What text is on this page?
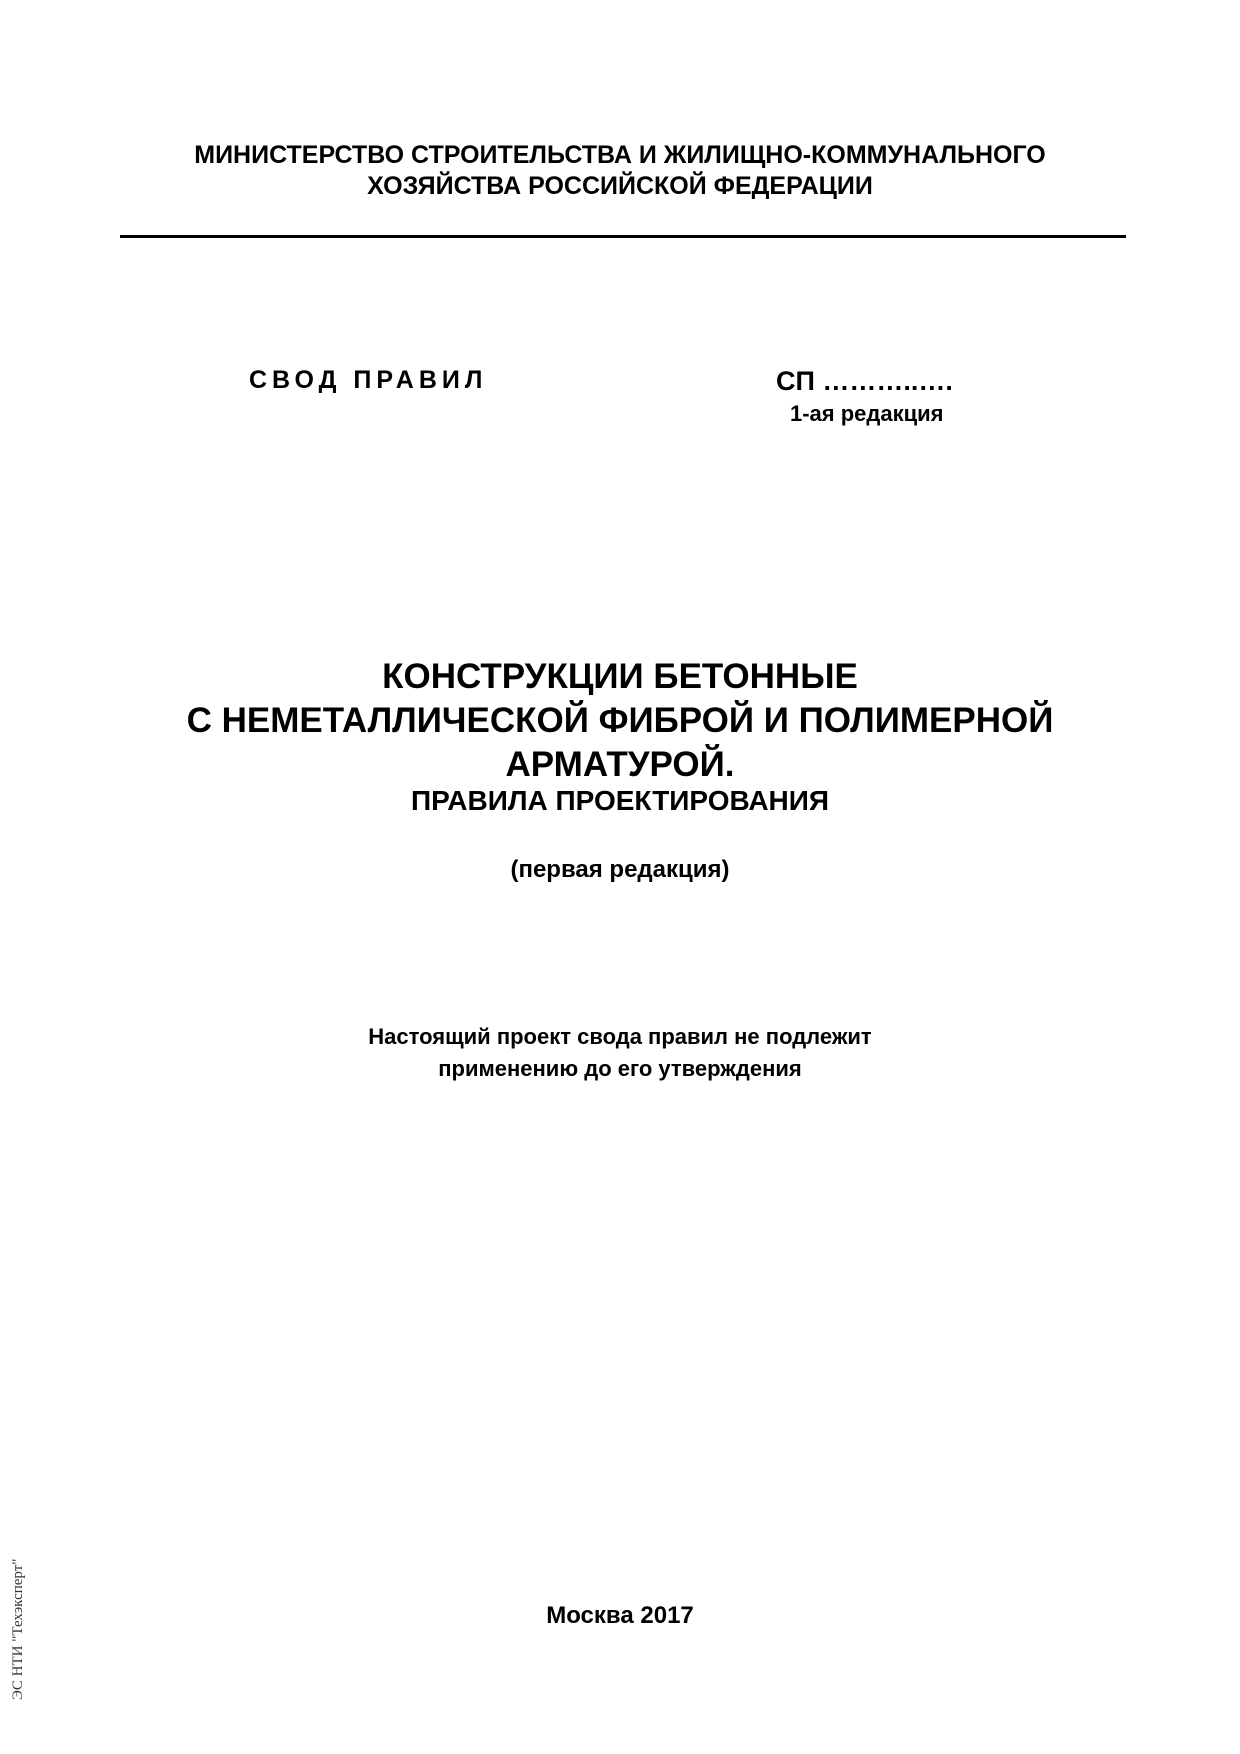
МИНИСТЕРСТВО СТРОИТЕЛЬСТВА И ЖИЛИЩНО-КОММУНАЛЬНОГО
ХОЗЯЙСТВА РОССИЙСКОЙ ФЕДЕРАЦИИ
СВОД ПРАВИЛ	СП ………..….
1-ая редакция
КОНСТРУКЦИИ БЕТОННЫЕ
С НЕМЕТАЛЛИЧЕСКОЙ ФИБРОЙ И ПОЛИМЕРНОЙ
АРМАТУРОЙ.
ПРАВИЛА ПРОЕКТИРОВАНИЯ
(первая редакция)
Настоящий проект свода правил не подлежит
применению до его утверждения
Москва 2017
ЭС НТИ "Техэксперт"
